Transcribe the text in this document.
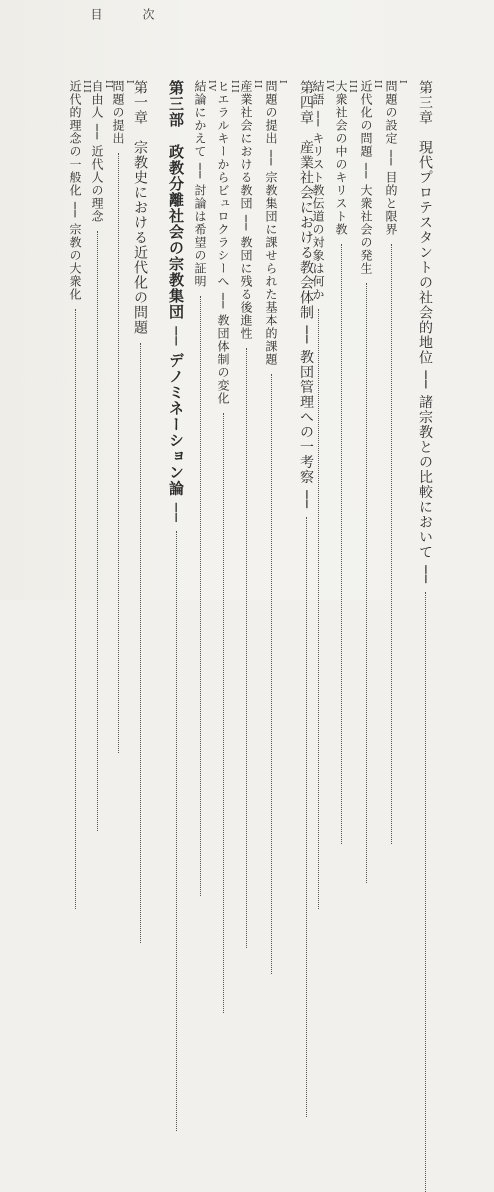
目	次
第三章　現代プロテスタントの社会的地位 ── 諸宗教との比較において ──
I
問題の設定 ── 目的と限界
II
近代化の問題 ── 大衆社会の発生
III
大衆社会の中のキリスト教
IV
結語 ── キリスト教伝道の対象は何か
第四章　産業社会における教会体制 ── 教団管理への一考察 ──
I
問題の提出 ── 宗教集団に課せられた基本的課題
II
産業社会における教団 ── 教団に残る後進性
III
ヒエラルキーからビュロクラシーへ ── 教団体制の変化
IV
結論にかえて ── 討論は希望の証明
第三部　政教分離社会の宗教集団 ── デノミネーション論 ──
第一章　宗教史における近代化の問題
I
問題の提出
II
自由人 ── 近代人の理念
III
近代的理念の一般化 ── 宗教の大衆化
